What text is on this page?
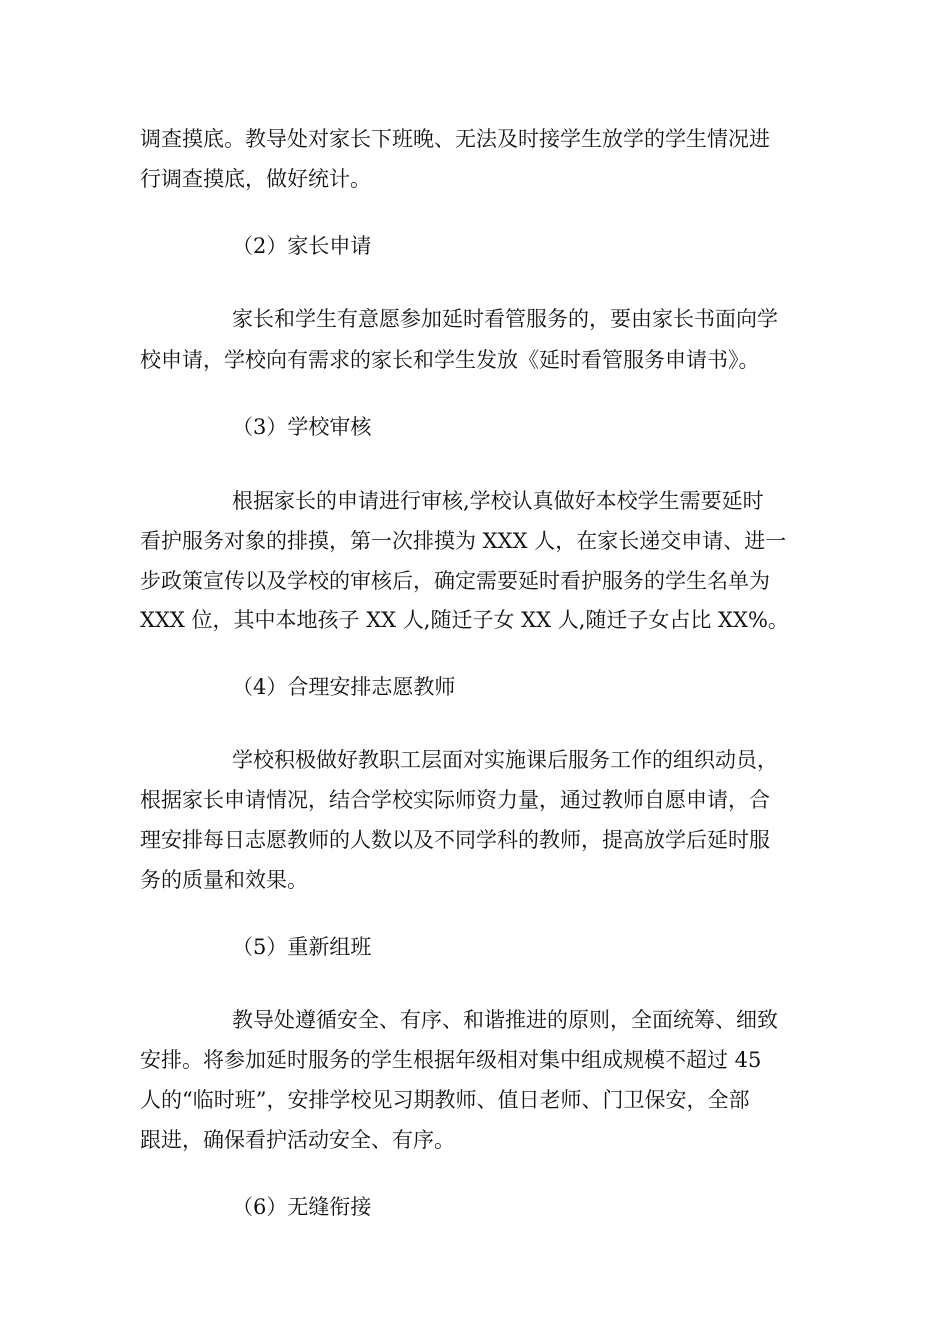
调查摸底。教导处对家长下班晚、无法及时接学生放学的学生情况进
行调查摸底，做好统计。
（2）家长申请
家长和学生有意愿参加延时看管服务的，要由家长书面向学
校申请，学校向有需求的家长和学生发放《延时看管服务申请书》。
（3）学校审核
根据家长的申请进行审核,学校认真做好本校学生需要延时
看护服务对象的排摸，第一次排摸为 XXX 人，在家长递交申请、进一
步政策宣传以及学校的审核后，确定需要延时看护服务的学生名单为
XXX 位，其中本地孩子 XX 人,随迁子女 XX 人,随迁子女占比 XX%。
（4）合理安排志愿教师
学校积极做好教职工层面对实施课后服务工作的组织动员，
根据家长申请情况，结合学校实际师资力量，通过教师自愿申请，合
理安排每日志愿教师的人数以及不同学科的教师，提高放学后延时服
务的质量和效果。
（5）重新组班
教导处遵循安全、有序、和谐推进的原则，全面统筹、细致
安排。将参加延时服务的学生根据年级相对集中组成规模不超过 45
人的“临时班”，安排学校见习期教师、值日老师、门卫保安，全部
跟进，确保看护活动安全、有序。
（6）无缝衔接
